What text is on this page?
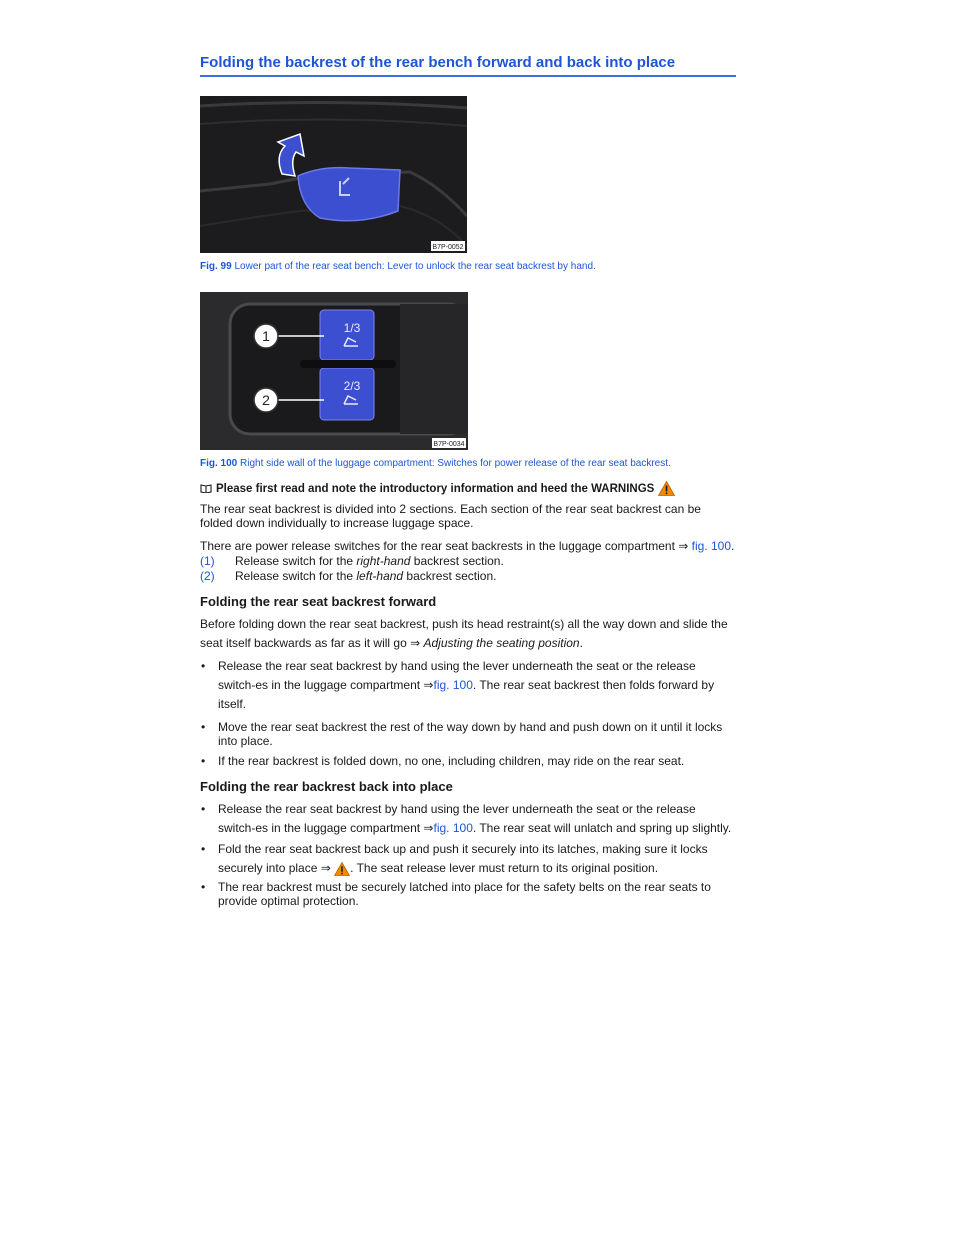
Folding the backrest of the rear bench forward and back into place
B7P-0052
Fig. 99 Lower part of the rear seat bench: Lever to unlock the rear seat backrest by hand.
1/3
2/3
1
2
B7P-0034
Fig. 100 Right side wall of the luggage compartment: Switches for power release of the rear seat backrest.

Please first read and note the introductory information and heed the WARNINGS

The rear seat backrest is divided into 2 sections. Each section of the rear seat backrest can be folded down individually to increase luggage space.

There are power release switches for the rear seat backrests in the luggage compartment ⇒ fig. 100.

(1)	Release switch for the right-hand backrest section.
(2)	Release switch for the left-hand backrest section.
Folding the rear seat backrest forward

Before folding down the rear seat backrest, push its head restraint(s) all the way down and slide the seat itself backwards as far as it will go ⇒ Adjusting the seating position.

•	Release the rear seat backrest by hand using the lever underneath the seat or the release switch-es in the luggage compartment ⇒fig. 100. The rear seat backrest then folds forward by itself.
•	Move the rear seat backrest the rest of the way down by hand and push down on it until it locks into place.
•	If the rear backrest is folded down, no one, including children, may ride on the rear seat.
Folding the rear backrest back into place
•	Release the rear seat backrest by hand using the lever underneath the seat or the release switch-es in the luggage compartment ⇒fig. 100. The rear seat will unlatch and spring up slightly.
•	Fold the rear seat backrest back up and push it securely into its latches, making sure it locks securely into place ⇒ . The seat release lever must return to its original position.
•	The rear backrest must be securely latched into place for the safety belts on the rear seats to provide optimal protection.
